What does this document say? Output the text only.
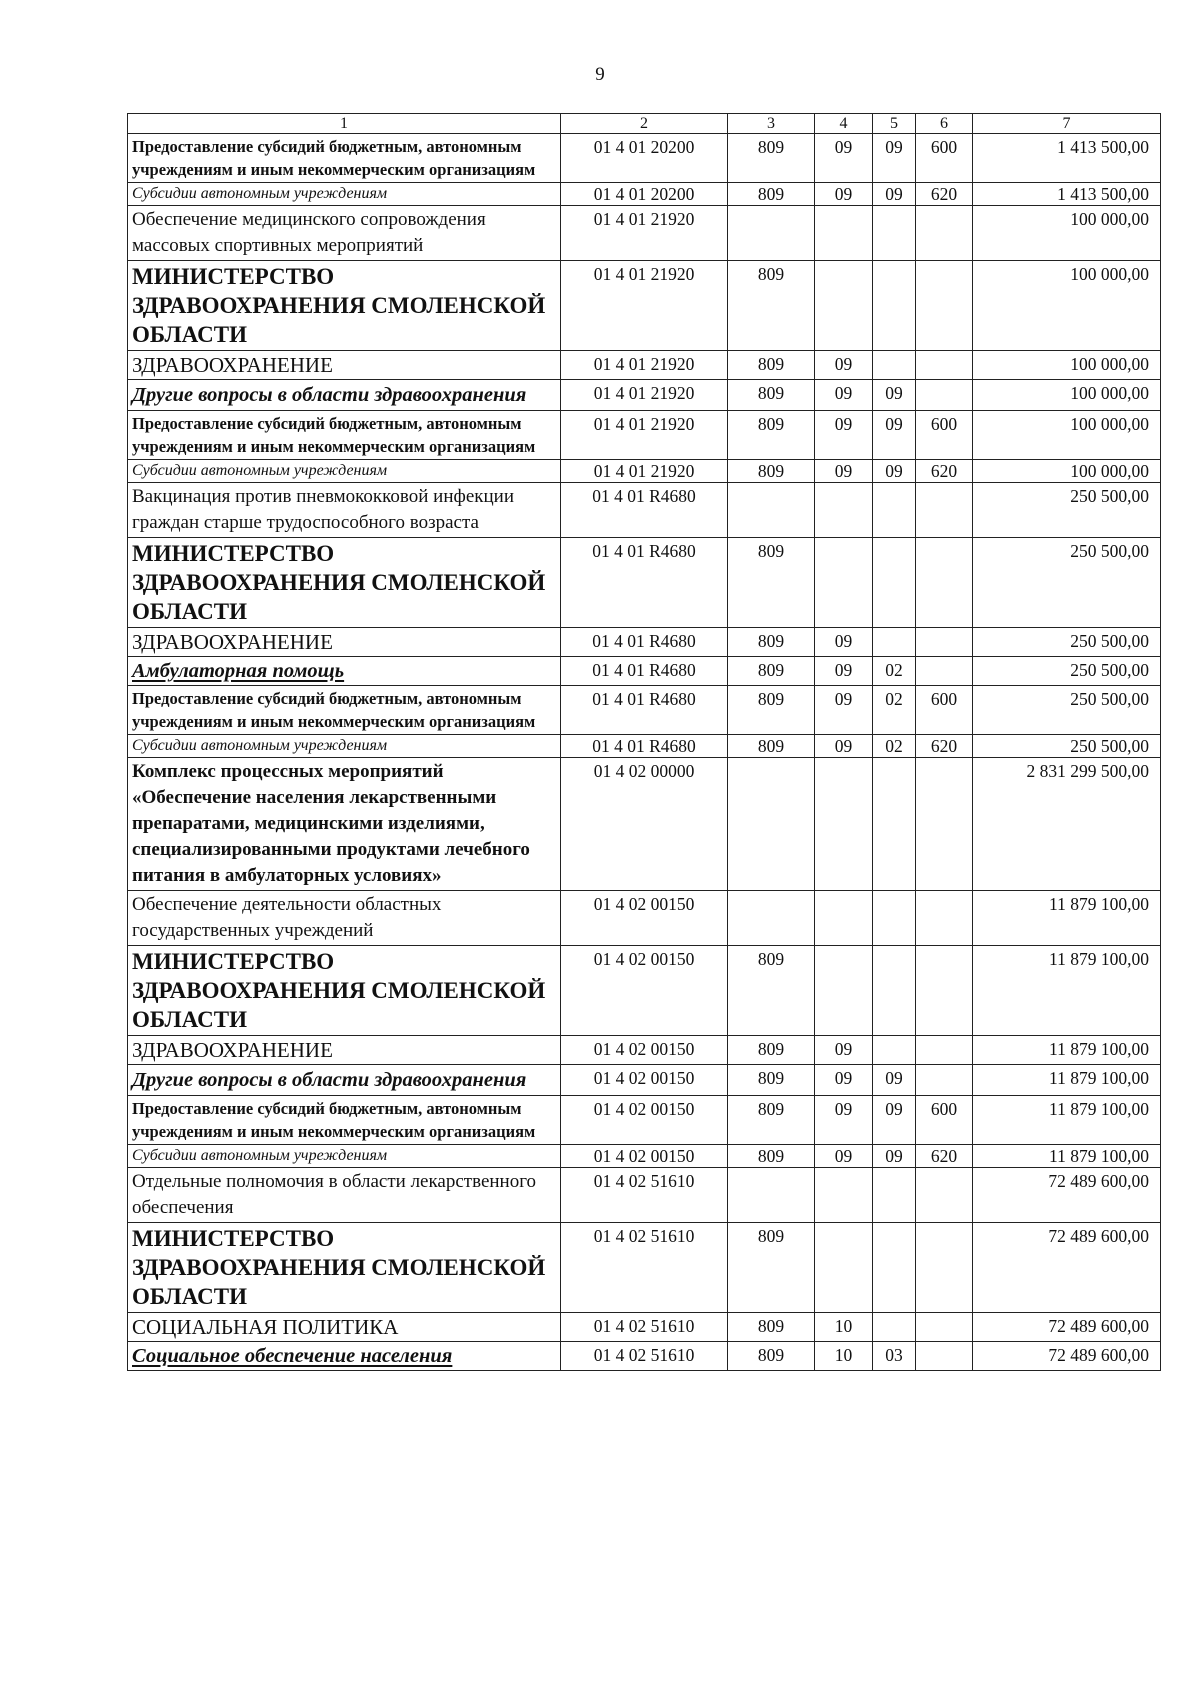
9
1	2	3	4	5	6	7
Предоставление субсидий бюджетным, автономным учреждениям и иным некоммерческим организациям	01 4 01 20200	809	09	09	600	1 413 500,00
Субсидии автономным учреждениям	01 4 01 20200	809	09	09	620	1 413 500,00
Обеспечение медицинского сопровождения массовых спортивных мероприятий	01 4 01 21920					100 000,00
МИНИСТЕРСТВО ЗДРАВООХРАНЕНИЯ СМОЛЕНСКОЙ ОБЛАСТИ	01 4 01 21920	809				100 000,00
ЗДРАВООХРАНЕНИЕ	01 4 01 21920	809	09			100 000,00
Другие вопросы в области здравоохранения	01 4 01 21920	809	09	09		100 000,00
Предоставление субсидий бюджетным, автономным учреждениям и иным некоммерческим организациям	01 4 01 21920	809	09	09	600	100 000,00
Субсидии автономным учреждениям	01 4 01 21920	809	09	09	620	100 000,00
Вакцинация против пневмококковой инфекции граждан старше трудоспособного возраста	01 4 01 R4680					250 500,00
МИНИСТЕРСТВО ЗДРАВООХРАНЕНИЯ СМОЛЕНСКОЙ ОБЛАСТИ	01 4 01 R4680	809				250 500,00
ЗДРАВООХРАНЕНИЕ	01 4 01 R4680	809	09			250 500,00
Амбулаторная помощь	01 4 01 R4680	809	09	02		250 500,00
Предоставление субсидий бюджетным, автономным учреждениям и иным некоммерческим организациям	01 4 01 R4680	809	09	02	600	250 500,00
Субсидии автономным учреждениям	01 4 01 R4680	809	09	02	620	250 500,00
Комплекс процессных мероприятий «Обеспечение населения лекарственными препаратами, медицинскими изделиями, специализированными продуктами лечебного питания в амбулаторных условиях»	01 4 02 00000					2 831 299 500,00
Обеспечение деятельности областных государственных учреждений	01 4 02 00150					11 879 100,00
МИНИСТЕРСТВО ЗДРАВООХРАНЕНИЯ СМОЛЕНСКОЙ ОБЛАСТИ	01 4 02 00150	809				11 879 100,00
ЗДРАВООХРАНЕНИЕ	01 4 02 00150	809	09			11 879 100,00
Другие вопросы в области здравоохранения	01 4 02 00150	809	09	09		11 879 100,00
Предоставление субсидий бюджетным, автономным учреждениям и иным некоммерческим организациям	01 4 02 00150	809	09	09	600	11 879 100,00
Субсидии автономным учреждениям	01 4 02 00150	809	09	09	620	11 879 100,00
Отдельные полномочия в области лекарственного обеспечения	01 4 02 51610					72 489 600,00
МИНИСТЕРСТВО ЗДРАВООХРАНЕНИЯ СМОЛЕНСКОЙ ОБЛАСТИ	01 4 02 51610	809				72 489 600,00
СОЦИАЛЬНАЯ ПОЛИТИКА	01 4 02 51610	809	10			72 489 600,00
Социальное обеспечение населения	01 4 02 51610	809	10	03		72 489 600,00
